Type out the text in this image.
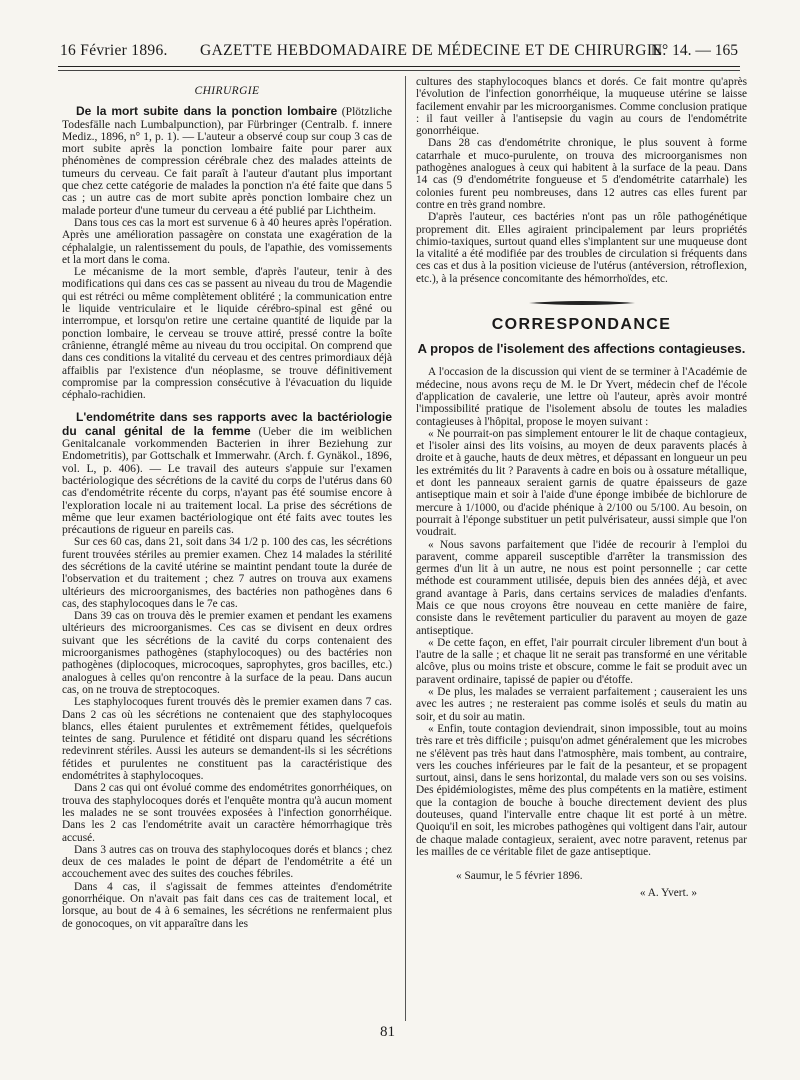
16 Février 1896. GAZETTE HEBDOMADAIRE DE MÉDECINE ET DE CHIRURGIE.
N° 14. — 165
CHIRURGIE

De la mort subite dans la ponction lombaire (Plötzliche Todesfälle nach Lumbalpunction), par Fürbringer (Centralb. f. innere Mediz., 1896, n° 1, p. 1). — L'auteur a observé coup sur coup 3 cas de mort subite après la ponction lombaire faite pour parer aux phénomènes de compression cérébrale chez des malades atteints de tumeurs du cerveau. Ce fait paraît à l'auteur d'autant plus important que chez cette catégorie de malades la ponction n'a été faite que dans 5 cas ; un autre cas de mort subite après ponction lombaire chez un malade porteur d'une tumeur du cerveau a été publié par Lichtheim.

Dans tous ces cas la mort est survenue 6 à 40 heures après l'opération. Après une amélioration passagère on constata une exagération de la céphalalgie, un ralentissement du pouls, de l'apathie, des vomissements et la mort dans le coma.

Le mécanisme de la mort semble, d'après l'auteur, tenir à des modifications qui dans ces cas se passent au niveau du trou de Magendie qui est rétréci ou même complètement oblitéré ; la communication entre le liquide ventriculaire et le liquide cérébro-spinal est gêné ou interrompue, et lorsqu'on retire une certaine quantité de liquide par la ponction lombaire, le cerveau se trouve attiré, pressé contre la boîte crânienne, étranglé même au niveau du trou occipital. On comprend que dans ces conditions la vitalité du cerveau et des centres primordiaux déjà affaiblis par l'existence d'un néoplasme, se trouve définitivement compromise par la compression consécutive à l'évacuation du liquide céphalo-rachidien.

L'endométrite dans ses rapports avec la bactériologie du canal génital de la femme (Ueber die im weiblichen Genitalcanale vorkommenden Bacterien in ihrer Beziehung zur Endometritis), par Gottschalk et Immerwahr. (Arch. f. Gynäkol., 1896, vol. L, p. 406). — Le travail des auteurs s'appuie sur l'examen bactériologique des sécrétions de la cavité du corps de l'utérus dans 60 cas d'endométrite récente du corps, n'ayant pas été soumise encore à l'exploration locale ni au traitement local. La prise des sécrétions de même que leur examen bactériologique ont été faits avec toutes les précautions de rigueur en pareils cas.

Sur ces 60 cas, dans 21, soit dans 34 1/2 p. 100 des cas, les sécrétions furent trouvées stériles au premier examen. Chez 14 malades la stérilité des sécrétions de la cavité utérine se maintint pendant toute la durée de l'observation et du traitement ; chez 7 autres on trouva aux examens ultérieurs des microorganismes, des bactéries non pathogènes dans 6 cas, des staphylocoques dans le 7e cas.

Dans 39 cas on trouva dès le premier examen et pendant les examens ultérieurs des microorganismes. Ces cas se divisent en deux ordres suivant que les sécrétions de la cavité du corps contenaient des microorganismes pathogènes (staphylocoques) ou des bactéries non pathogènes (diplocoques, microcoques, saprophytes, gros bacilles, etc.) analogues à celles qu'on rencontre à la surface de la peau. Dans aucun cas, on ne trouva de streptocoques.

Les staphylocoques furent trouvés dès le premier examen dans 7 cas. Dans 2 cas où les sécrétions ne contenaient que des staphylocoques blancs, elles étaient purulentes et extrêmement fétides, quelquefois teintes de sang. Purulence et fétidité ont disparu quand les sécrétions redevinrent stériles. Aussi les auteurs se demandent-ils si les sécrétions fétides et purulentes ne constituent pas la caractéristique des endométrites à staphylocoques.

Dans 2 cas qui ont évolué comme des endométrites gonorrhéiques, on trouva des staphylocoques dorés et l'enquête montra qu'à aucun moment les malades ne se sont trouvées exposées à l'infection gonorrhéique. Dans les 2 cas l'endométrite avait un caractère hémorrhagique très accusé.

Dans 3 autres cas on trouva des staphylocoques dorés et blancs ; chez deux de ces malades le point de départ de l'endométrite a été un accouchement avec des suites des couches fébriles.

Dans 4 cas, il s'agissait de femmes atteintes d'endométrite gonorrhéique. On n'avait pas fait dans ces cas de traitement local, et lorsque, au bout de 4 à 6 semaines, les sécrétions ne renfermaient plus de gonocoques, on vit apparaître dans les

cultures des staphylocoques blancs et dorés. Ce fait montre qu'après l'évolution de l'infection gonorrhéique, la muqueuse utérine se laisse facilement envahir par les microorganismes. Comme conclusion pratique : il faut veiller à l'antisepsie du vagin au cours de l'endométrite gonorrhéique.

Dans 28 cas d'endométrite chronique, le plus souvent à forme catarrhale et muco-purulente, on trouva des microorganismes non pathogènes analogues à ceux qui habitent à la surface de la peau. Dans 14 cas (9 d'endométrite fongueuse et 5 d'endométrite catarrhale) les colonies furent peu nombreuses, dans 12 autres cas elles furent par contre en très grand nombre.

D'après l'auteur, ces bactéries n'ont pas un rôle pathogénétique proprement dit. Elles agiraient principalement par leurs propriétés chimio-taxiques, surtout quand elles s'implantent sur une muqueuse dont la vitalité a été modifiée par des troubles de circulation si fréquents dans ces cas et dus à la position vicieuse de l'utérus (antéversion, rétroflexion, etc.), à la présence concomitante des hémorrhoïdes, etc.

CORRESPONDANCE
A propos de l'isolement des affections contagieuses.

A l'occasion de la discussion qui vient de se terminer à l'Académie de médecine, nous avons reçu de M. le Dr Yvert, médecin chef de l'école d'application de cavalerie, une lettre où l'auteur, après avoir montré l'impossibilité pratique de l'isolement absolu de toutes les maladies contagieuses à l'hôpital, propose le moyen suivant :

« Ne pourrait-on pas simplement entourer le lit de chaque contagieux, et l'isoler ainsi des lits voisins, au moyen de deux paravents placés à droite et à gauche, hauts de deux mètres, et dépassant en longueur un peu les extrémités du lit ? Paravents à cadre en bois ou à ossature métallique, et dont les panneaux seraient garnis de quatre épaisseurs de gaze antiseptique main et soir à l'aide d'une éponge imbibée de bichlorure de mercure à 1/1000, ou d'acide phénique à 2/100 ou 5/100. Au besoin, on pourrait à l'éponge substituer un petit pulvérisateur, aussi simple que l'on voudrait.

« Nous savons parfaitement que l'idée de recourir à l'emploi du paravent, comme appareil susceptible d'arrêter la transmission des germes d'un lit à un autre, ne nous est point personnelle ; car cette méthode est couramment utilisée, depuis bien des années déjà, et avec grand avantage à Paris, dans certains services de maladies d'enfants. Mais ce que nous croyons être nouveau en cette manière de faire, consiste dans le revêtement particulier du paravent au moyen de gaze antiseptique.

« De cette façon, en effet, l'air pourrait circuler librement d'un bout à l'autre de la salle ; et chaque lit ne serait pas transformé en une véritable alcôve, plus ou moins triste et obscure, comme le fait se produit avec un paravent ordinaire, tapissé de papier ou d'étoffe.

« De plus, les malades se verraient parfaitement ; causeraient les uns avec les autres ; ne resteraient pas comme isolés et seuls du matin au soir, et du soir au matin.

« Enfin, toute contagion deviendrait, sinon impossible, tout au moins très rare et très difficile ; puisqu'on admet généralement que les microbes ne s'élèvent pas très haut dans l'atmosphère, mais tombent, au contraire, vers les couches inférieures par le fait de la pesanteur, et se propagent surtout, ainsi, dans le sens horizontal, du malade vers son ou ses voisins. Des épidémiologistes, même des plus compétents en la matière, estiment que la contagion de bouche à bouche directement devient des plus douteuses, quand l'intervalle entre chaque lit est porté à un mètre. Quoiqu'il en soit, les microbes pathogènes qui voltigent dans l'air, autour de chaque malade contagieux, seraient, avec notre paravent, retenus par les mailles de ce véritable filet de gaze antiseptique.

« Saumur, le 5 février 1896.

« A. Yvert. »

81
